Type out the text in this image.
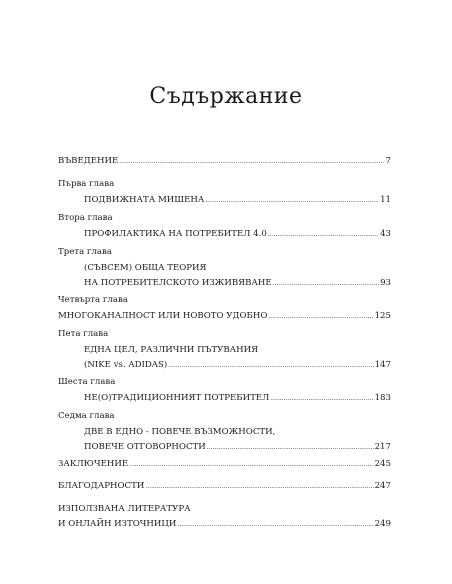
Съдържание
ВЪВЕДЕНИЕ .....	7
Първа глава
ПОДВИЖНАТА МИШЕНА .....	11
Втора глава
ПРОФИЛАКТИКА НА ПОТРЕБИТЕЛ 4.0 .....	43
Трета глава
(СЪВСЕМ) ОБЩА ТЕОРИЯ
НА ПОТРЕБИТЕЛСКОТО ИЗЖИВЯВАНЕ .....	93
Четвърта глава
МНОГОКАНАЛНОСТ ИЛИ НОВОТО УДОБНО .....	125
Пета глава
ЕДНА ЦЕЛ, РАЗЛИЧНИ ПЪТУВАНИЯ
(NIKE vs. ADIDAS) .....	147
Шеста глава
НЕ(О)ТРАДИЦИОННИЯТ ПОТРЕБИТЕЛ .....	183
Седма глава
ДВЕ В ЕДНО - ПОВЕЧЕ ВЪЗМОЖНОСТИ,
ПОВЕЧЕ ОТГОВОРНОСТИ .....	217
ЗАКЛЮЧЕНИЕ .....	245
БЛАГОДАРНОСТИ .....	247
ИЗПОЛЗВАНА ЛИТЕРАТУРА
И ОНЛАЙН ИЗТОЧНИЦИ .....	249
